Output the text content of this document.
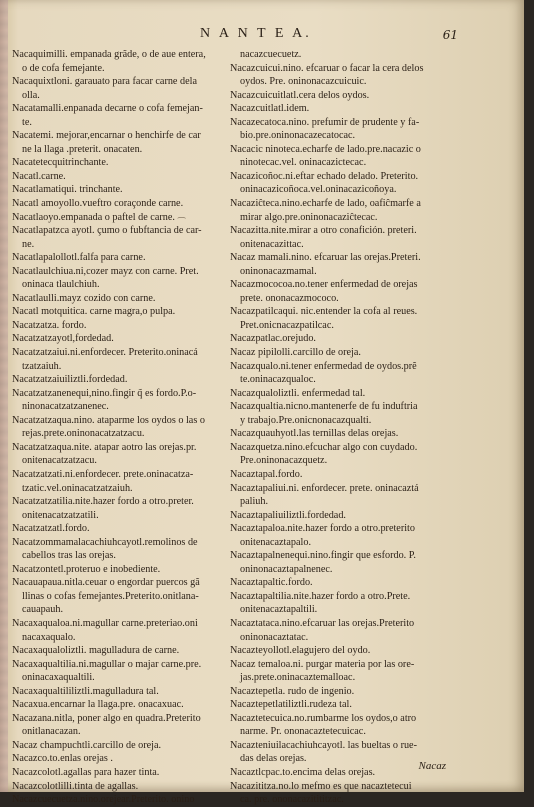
N A N T E A.	61
Nacaquimilli. empanada grãde, o de aue entera,
o de cofa femejante.
Nacaquixtloni. garauato para facar carne dela
olla.
Nacatamalli.enpanada decarne o cofa femejan-
te.
Nacatemi. mejorar,encarnar o henchirfe de car
ne la llaga .preterit. onacaten.
Nacatetecquitrinchante.
Nacatl.carne.
Nacatlamatiqui. trinchante.
Nacatl amoyollo.vueftro coraçonde carne.
Nacatlaoyo.empanada o paftel de carne.
Nacatlapatzca ayotl. çumo o fubftancia de car-
ne.
Nacatlapalollotl.falfa para carne.
Nacatlaulchiua.ni,cozer mayz con carne. Pret.
oninaca tlaulchiuh.
Nacatlaulli.mayz cozido con carne.
Nacatl motquitica. carne magra,o pulpa.
Nacatzatza. fordo.
Nacatzatzayotl,fordedad.
Nacatzatzaiui.ni.enfordecer. Preterito.oninacá
tzatzaiuh.
Nacatzatzaiuiliztli.fordedad.
Nacatzatzanenequi,nino.fingir q̃ es fordo.P.o-
ninonacatzatzanenec.
Nacatzatzaqua.nino. ataparme los oydos o las o
rejas.prete.oninonacatzatzacu.
Nacatzatzaqua.nite. atapar aotro las orejas.pr.
onitenacatzatzacu.
Nacatzatzati.ni.enfordecer. prete.oninacatza-
tzatic.vel.oninacatzatzaiuh.
Nacatzatzatilia.nite.hazer fordo a otro.preter.
onitenacatzatzatili.
Nacatzatzatl.fordo.
Nacatzommamalacachiuhcayotl.remolinos de
cabellos tras las orejas.
Nacatzontetl.proteruo e inobediente.
Nacauapaua.nitla.ceuar o engordar puercos gã
llinas o cofas femejantes.Preterito.onitlana-
cauapauh.
Nacaxaqualoa.ni.magullar carne.preteriao.oni
nacaxaqualo.
Nacaxaqualoliztli. magulladura de carne.
Nacaxaqualtilia.ni.magullar o majar carne.pre.
oninacaxaqualtili.
Nacaxaqualtililiztli.magulladura tal.
Nacaxua.encarnar la llaga.pre. onacaxuac.
Nacazana.nitla, poner algo en quadra.Preterito
onitlanacazan.
Nacaz champuchtli.carcillo de oreja.
Nacazco.to.enlas orejas .
Nacazcolotl.agallas para hazer tinta.
Nacazcolotlilli.tinta de agallas.
Nacazcuecuetza.nino.orejear.Preterito. onino
nacazcuecuetz.
Nacazcuicui.nino. efcaruar o facar la cera delos
oydos. Pre. oninonacazcuicuic.
Nacazcuicuitlatl.cera delos oydos.
Nacazcuitlatl.idem.
Nacazecatoca.nino. prefumir de prudente y fa-
bio.pre.oninonacazecatocac.
Nacacic ninoteca.echarfe de lado.pre.nacazic o
ninotecac.vel. oninacazictecac.
Nacazicoñoc.ni.eftar echado delado. Preterito.
oninacazicoñoca.vel.oninacazicoñoya.
Nacaziĉteca.nino.echarfe de lado, oafiĉmarfe a
mirar algo.pre.oninonacaziĉtecac.
Nacazitta.nite.mirar a otro conafición. preteri.
onitenacazittac.
Nacaz mamali.nino. efcaruar las orejas.Preteri.
oninonacazmamal.
Nacazmococoa.no.tener enfermedad de orejas
prete. ononacazmococo.
Nacazpatilcaqui. nic.entender la cofa al reues.
Pret.onicnacazpatilcac.
Nacazpatlac.orejudo.
Nacaz pipilolli.carcillo de oreja.
Nacazqualo.ni.tener enfermedad de oydos.prẽ
te.oninacazqualoc.
Nacazqualoliztli. enfermedad tal.
Nacazqualtia.nicno.mantenerfe de fu induftria
y trabajo.Pre.onicnonacazqualti.
Nacazquauhyotl.las ternillas delas orejas.
Nacazquetza.nino.efcuchar algo con cuydado.
Pre.oninonacazquetz.
Nacaztapal.fordo.
Nacaztapaliui.ni. enfordecer. prete. oninacaztá
paliuh.
Nacaztapaliuiliztli.fordedad.
Nacaztapaloa.nite.hazer fordo a otro.preterito
onitenacaztapalo.
Nacaztapalnenequi.nino.fingir que esfordo. P.
oninonacaztapalnenec.
Nacaztapaltic.fordo.
Nacaztapaltilia.nite.hazer fordo a otro.Prete.
onitenacaztapaltili.
Nacaztataca.nino.efcaruar las orejas.Preterito
oninonacaztatac.
Nacazteyollotl.elagujero del oydo.
Nacaz temaloa.ni. purgar materia por las ore-
jas.prete.oninacaztemalloac.
Nacaztepetla. rudo de ingenio.
Nacaztepetlatiliztli.rudeza tal.
Nacaztetecuica.no.rumbarme los oydos,o atro
narme. Pr. ononacaztetecuicac.
Nacazteniuilacachiuhcayotl. las bueltas o rue-
das delas orejas.
Nacaztlcpac.to.encima delas orejas.
Nacazititza.no.lo mefmo es que nacaztetecui
ca. pre. ononacazitititzac.
⁀
Nacaz
